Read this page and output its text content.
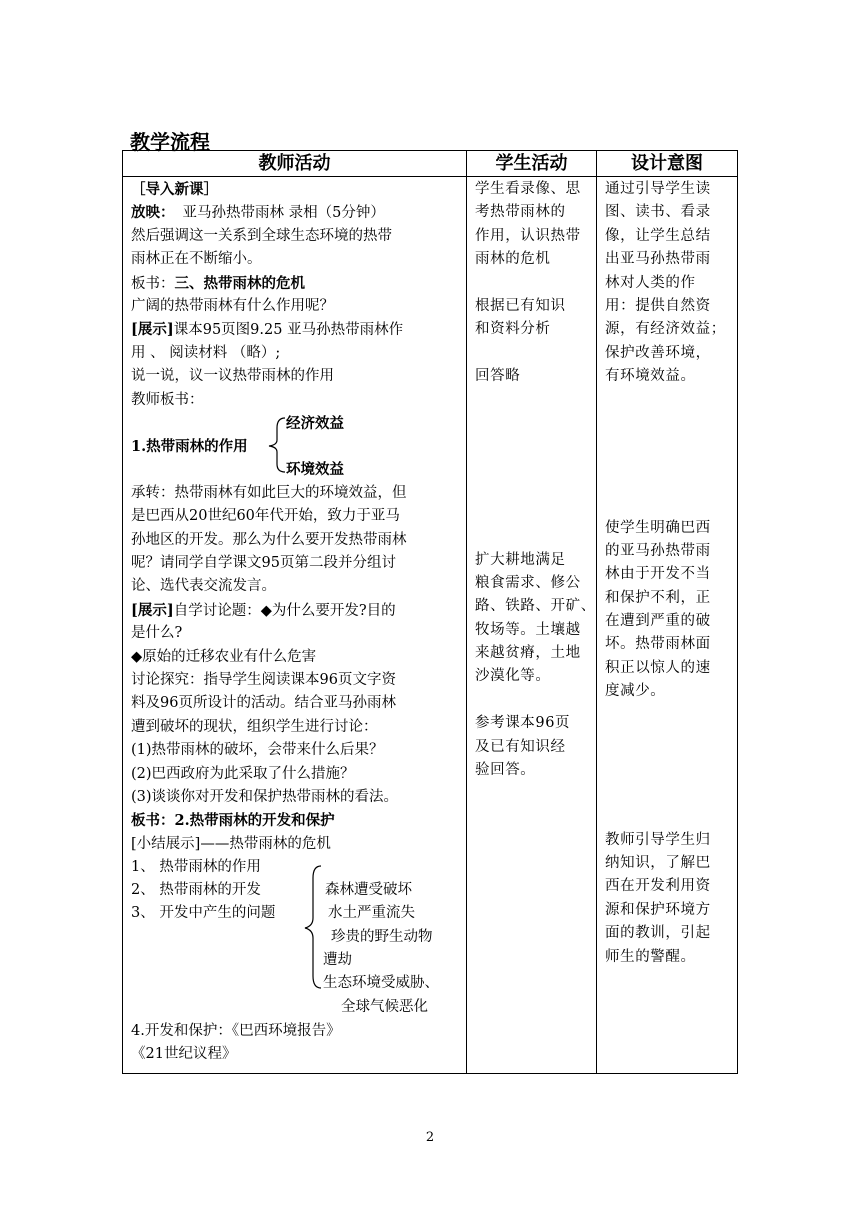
教学流程
教师活动	学生活动	设计意图
［导入新课］
放映： 亚马孙热带雨林 录相（5分钟）
然后强调这一关系到全球生态环境的热带
雨林正在不断缩小。
板书：三、热带雨林的危机
广阔的热带雨林有什么作用呢？
[展示]课本95页图9.25 亚马孙热带雨林作
用 、 阅读材料 （略）;
说一说，议一议热带雨林的作用
教师板书：
经济效益
1.热带雨林的作用
环境效益
承转：热带雨林有如此巨大的环境效益，但
是巴西从20世纪60年代开始，致力于亚马
孙地区的开发。那么为什么要开发热带雨林
呢？请同学自学课文95页第二段并分组讨
论、选代表交流发言。
[展示]自学讨论题：◆为什么要开发?目的
是什么?
◆原始的迁移农业有什么危害
讨论探究：指导学生阅读课本96页文字资
料及96页所设计的活动。结合亚马孙雨林
遭到破坏的现状，组织学生进行讨论：
(1)热带雨林的破坏，会带来什么后果？
(2)巴西政府为此采取了什么措施？
(3)谈谈你对开发和保护热带雨林的看法。
板书：2.热带雨林的开发和保护
[小结展示]——热带雨林的危机
1、 热带雨林的作用
2、 热带雨林的开发
3、 开发中产生的问题
森林遭受破坏
水土严重流失
珍贵的野生动物
遭劫
生态环境受威胁、
全球气候恶化
4.开发和保护：《巴西环境报告》
《21世纪议程》
学生看录像、思
考热带雨林的
作用，认识热带
雨林的危机
根据已有知识
和资料分析
回答略
扩大耕地满足
粮食需求、修公
路、铁路、开矿、
牧场等。土壤越
来越贫瘠，土地
沙漠化等。
参考课本96页
及已有知识经
验回答。
通过引导学生读
图、读书、看录
像，让学生总结
出亚马孙热带雨
林对人类的作
用：提供自然资
源，有经济效益；
保护改善环境，
有环境效益。
使学生明确巴西
的亚马孙热带雨
林由于开发不当
和保护不利，正
在遭到严重的破
坏。热带雨林面
积正以惊人的速
度减少。
教师引导学生归
纳知识，了解巴
西在开发利用资
源和保护环境方
面的教训，引起
师生的警醒。
2
